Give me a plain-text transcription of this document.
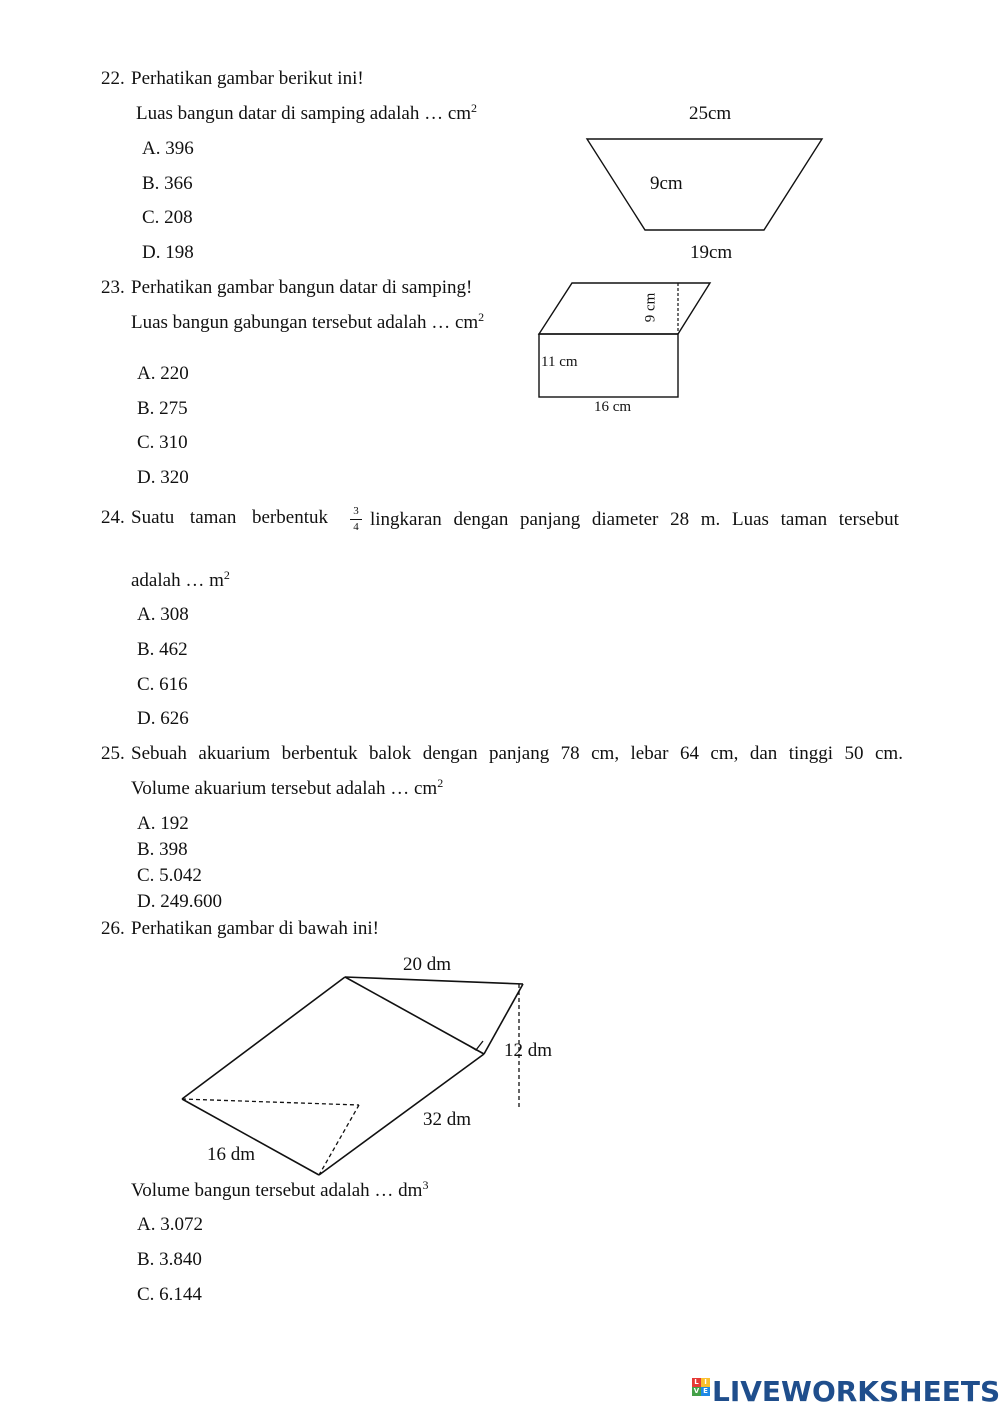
22. Perhatikan gambar berikut ini!
Luas bangun datar di samping adalah … $cm^2$
A. 396
B. 366
C. 208
D. 198
25cm
9cm
19cm
23. Perhatikan gambar bangun datar di samping!
Luas bangun gabungan tersebut adalah … $cm^2$
A. 220
B. 275
C. 310
D. 320
9 cm
11 cm
16 cm
24. Suatu taman berbentuk 3
4 lingkaran dengan panjang diameter 28 m. Luas taman tersebut
adalah … $m^2$
A. 308
B. 462
C. 616
D. 626
25. Sebuah akuarium berbentuk balok dengan panjang 78 cm, lebar 64 cm, dan tinggi 50 cm.
Volume akuarium tersebut adalah … $cm^2$
A. 192
B. 398
C. 5.042
D. 249.600
26. Perhatikan gambar di bawah ini!
20 dm
12 dm
32 dm
16 dm
Volume bangun tersebut adalah … $dm^3$
A. 3.072
B. 3.840
C. 6.144
L I
V E LIVEWORKSHEETS
